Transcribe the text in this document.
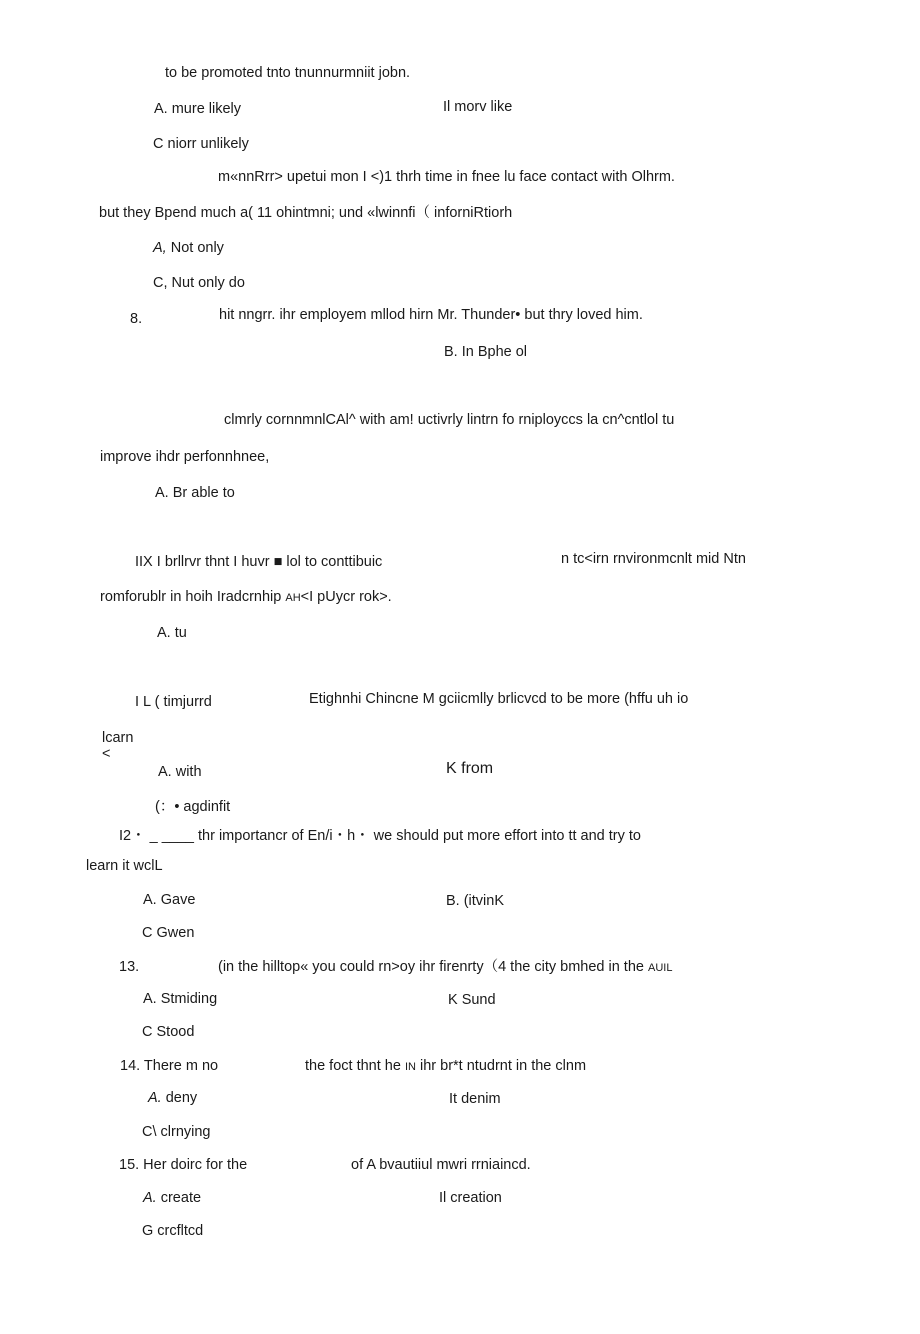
to be promoted tnto tnunnurmniit jobn.
A. mure likely	Il morv like
C niorr unlikely
m«nnRrr> upetui mon I <)1 thrh time in fnee lu face contact with Olhrm.
but they Bpend much a( 11 ohintmni; und «lwinnfi（ inforniRtiorh
A, Not only
C, Nut only do
8.	hit nngrr. ihr employem mllod hirn Mr. Thunder• but thry loved him.
B. In Bphe ol
clmrly cornnmnlCAl^ with am! uctivrly lintrn fo rniployccs la cn^cntlol tu
improve ihdr perfonnhnee,
A. Br able to
IIX I brllrvr thnt I huvr ■ lol to conttibuic	n tc<irn rnvironmcnlt mid Ntn
romforublr in hoih Iradcrnhip AH<I pUycr rok>.
A. tu
I L ( timjurrd	Etighnhi Chincne M gciicmlly brlicvcd to be more (hffu uh io
lcarn
<
A. with	K from
(：• agdinfit
I2・ _ ____ thr importancr of En/i・h・ we should put more effort into tt and try to
learn it wclL
A. Gave	B. (itvinK
C Gwen
13.	(in the hilltop« you could rn>oy ihr firenrty（4 the city bmhed in the AUIL
A. Stmiding	K Sund
C Stood
14. There m no	the foct thnt he IN ihr br*t ntudrnt in the clnm
A. deny	It denim
C\ clrnying
15. Her doirc for the	of A bvautiiul mwri rrniaincd.
A. create	Il creation
G crcfltcd
